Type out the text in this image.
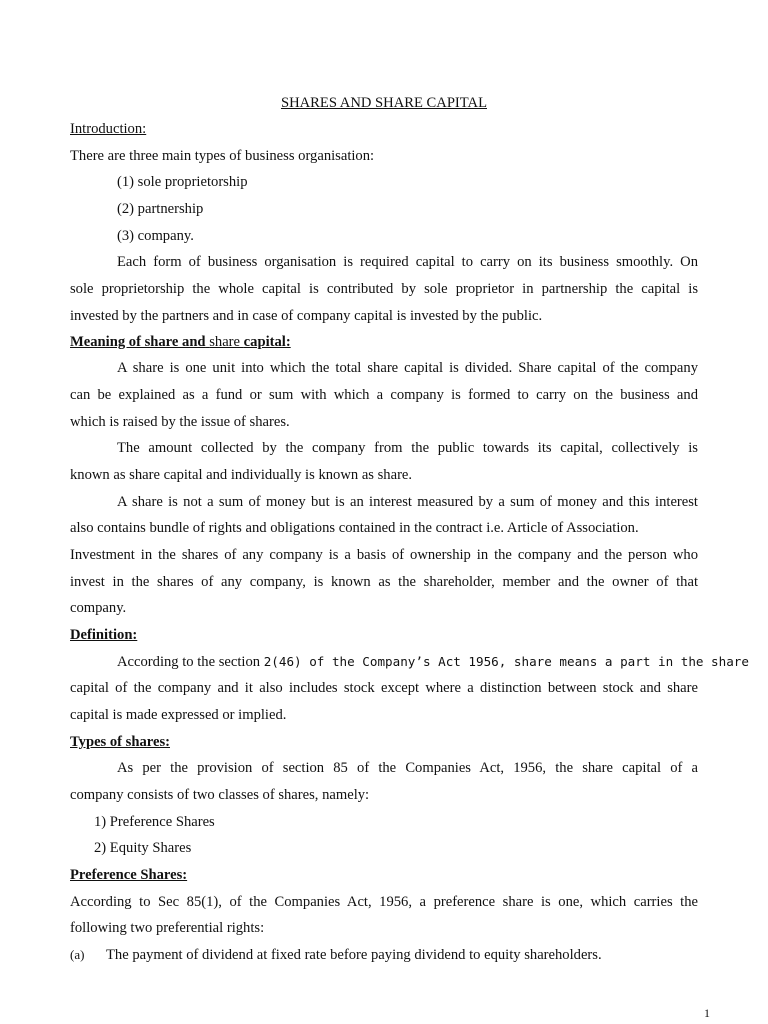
SHARES AND SHARE CAPITAL
Introduction:
There are three main types of business organisation:
(1) sole proprietorship
(2) partnership
(3) company.
Each form of business organisation is required capital to carry on its business smoothly. On
sole proprietorship the whole capital is contributed by sole proprietor in partnership the capital is
invested by the partners and in case of company capital is invested by the public.
Meaning of share and share capital:
A share is one unit into which the total share capital is divided. Share capital of the company
can be explained as a fund or sum with which a company is formed to carry on the business and
which is raised by the issue of shares.
The amount collected by the company from the public towards its capital, collectively is
known as share capital and individually is known as share.
A share is not a sum of money but is an interest measured by a sum of money and this interest
also contains bundle of rights and obligations contained in the contract i.e. Article of Association.
Investment in the shares of any company is a basis of ownership in the company and the person who
invest in the shares of any company, is known as the shareholder, member and the owner of that
company.
Definition:
According to the section 2(46) of the Company’s Act 1956, share means a part in the share
capital of the company and it also includes stock except where a distinction between stock and share
capital is made expressed or implied.
Types of shares:
As per the provision of section 85 of the Companies Act, 1956, the share capital of a
company consists of two classes of shares, namely:
1) Preference Shares
2) Equity Shares
Preference Shares:
According to Sec 85(1), of the Companies Act, 1956, a preference share is one, which carries the
following two preferential rights:
(a) The payment of dividend at fixed rate before paying dividend to equity shareholders.
1
